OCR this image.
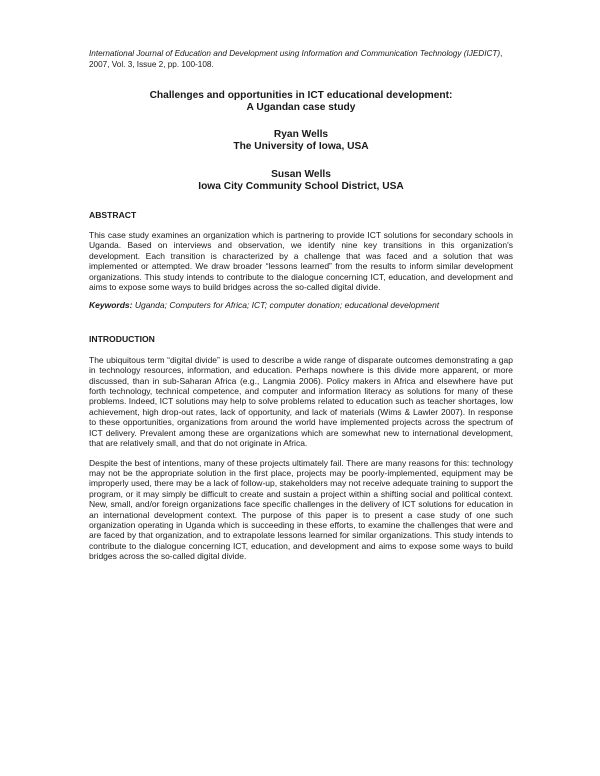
International Journal of Education and Development using Information and Communication Technology (IJEDICT), 2007, Vol. 3, Issue 2, pp. 100-108.

Challenges and opportunities in ICT educational development:
A Ugandan case study
Ryan Wells
The University of Iowa, USA
Susan Wells
Iowa City Community School District, USA

ABSTRACT

This case study examines an organization which is partnering to provide ICT solutions for secondary schools in Uganda. Based on interviews and observation, we identify nine key transitions in this organization's development. Each transition is characterized by a challenge that was faced and a solution that was implemented or attempted. We draw broader “lessons learned” from the results to inform similar development organizations. This study intends to contribute to the dialogue concerning ICT, education, and development and aims to expose some ways to build bridges across the so-called digital divide.

Keywords: Uganda; Computers for Africa; ICT; computer donation; educational development

INTRODUCTION

The ubiquitous term “digital divide” is used to describe a wide range of disparate outcomes demonstrating a gap in technology resources, information, and education. Perhaps nowhere is this divide more apparent, or more discussed, than in sub-Saharan Africa (e.g., Langmia 2006). Policy makers in Africa and elsewhere have put forth technology, technical competence, and computer and information literacy as solutions for many of these problems. Indeed, ICT solutions may help to solve problems related to education such as teacher shortages, low achievement, high drop-out rates, lack of opportunity, and lack of materials (Wims & Lawler 2007). In response to these opportunities, organizations from around the world have implemented projects across the spectrum of ICT delivery. Prevalent among these are organizations which are somewhat new to international development, that are relatively small, and that do not originate in Africa.

Despite the best of intentions, many of these projects ultimately fail. There are many reasons for this: technology may not be the appropriate solution in the first place, projects may be poorly-implemented, equipment may be improperly used, there may be a lack of follow-up, stakeholders may not receive adequate training to support the program, or it may simply be difficult to create and sustain a project within a shifting social and political context. New, small, and/or foreign organizations face specific challenges in the delivery of ICT solutions for education in an international development context. The purpose of this paper is to present a case study of one such organization operating in Uganda which is succeeding in these efforts, to examine the challenges that were and are faced by that organization, and to extrapolate lessons learned for similar organizations. This study intends to contribute to the dialogue concerning ICT, education, and development and aims to expose some ways to build bridges across the so-called digital divide.
